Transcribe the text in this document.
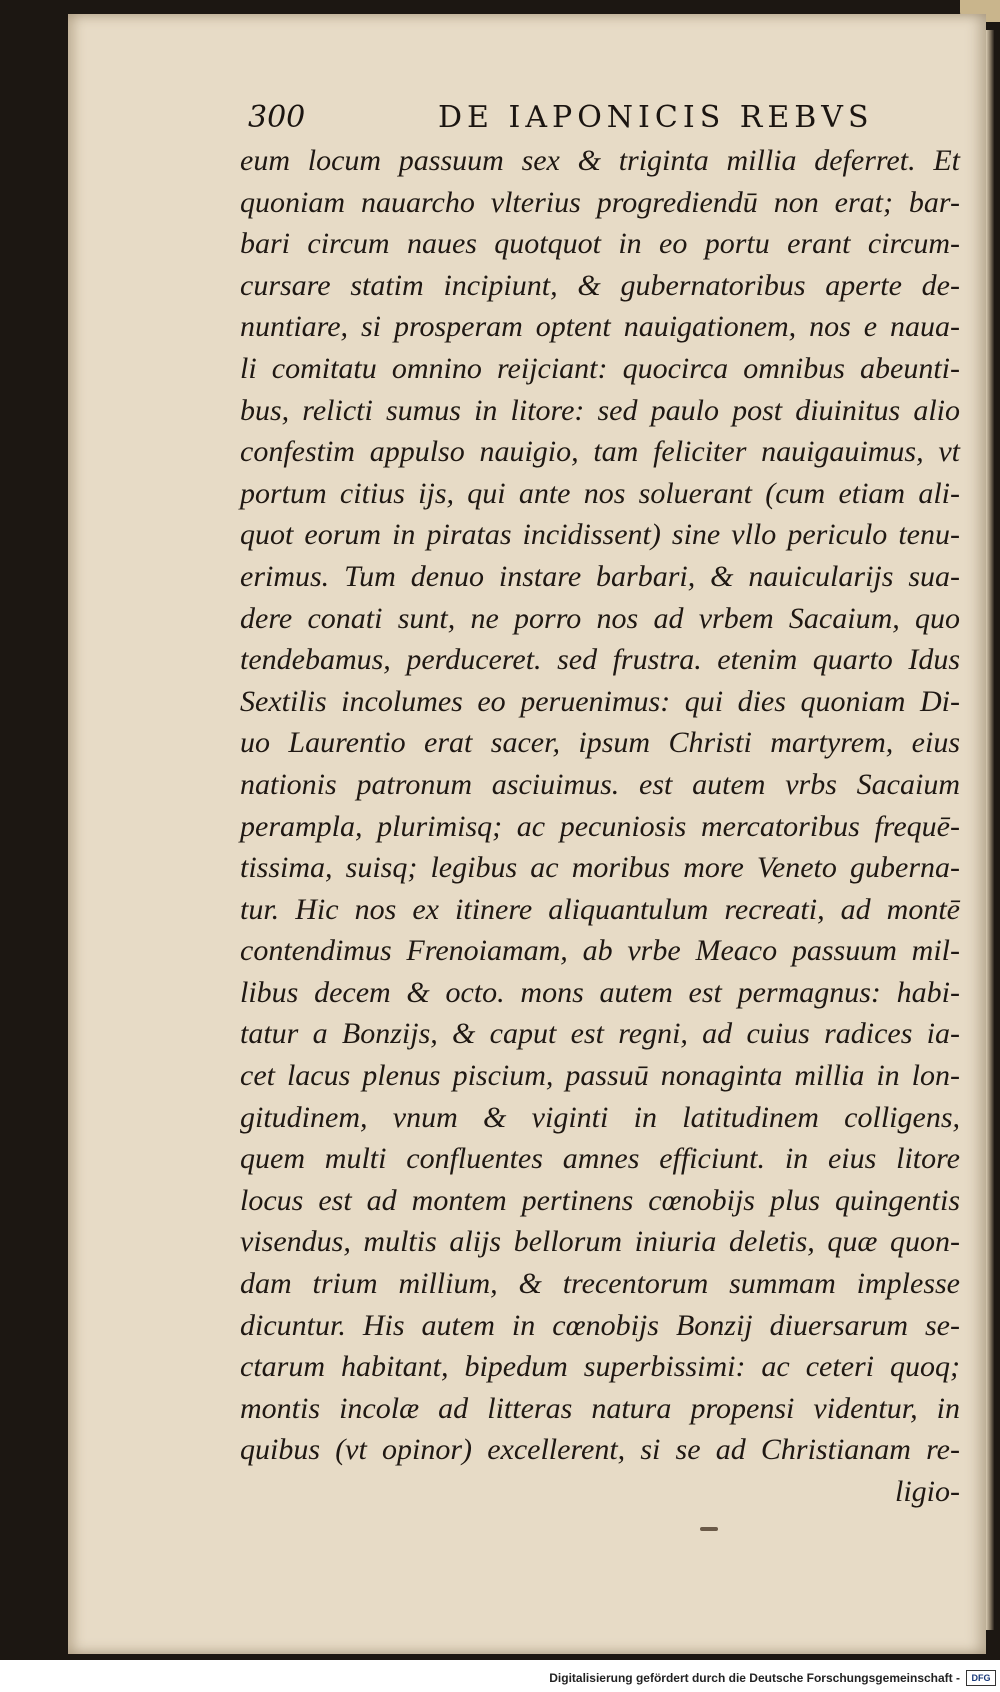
300	DE IAPONICIS REBVS
eum locum passuum sex & triginta millia deferret. Et
quoniam nauarcho vlterius progrediendū non erat; bar-
bari circum naues quotquot in eo portu erant circum-
cursare statim incipiunt, & gubernatoribus aperte de-
nuntiare, si prosperam optent nauigationem, nos e naua-
li comitatu omnino reijciant: quocirca omnibus abeunti-
bus, relicti sumus in litore: sed paulo post diuinitus alio
confestim appulso nauigio, tam feliciter nauigauimus, vt
portum citius ijs, qui ante nos soluerant (cum etiam ali-
quot eorum in piratas incidissent) sine vllo periculo tenu-
erimus. Tum denuo instare barbari, & nauicularijs sua-
dere conati sunt, ne porro nos ad vrbem Sacaium, quo
tendebamus, perduceret. sed frustra. etenim quarto Idus
Sextilis incolumes eo peruenimus: qui dies quoniam Di-
uo Laurentio erat sacer, ipsum Christi martyrem, eius
nationis patronum asciuimus. est autem vrbs Sacaium
perampla, plurimisq; ac pecuniosis mercatoribus frequē-
tissima, suisq; legibus ac moribus more Veneto guberna-
tur. Hic nos ex itinere aliquantulum recreati, ad montē
contendimus Frenoiamam, ab vrbe Meaco passuum mil-
libus decem & octo. mons autem est permagnus: habi-
tatur a Bonzijs, & caput est regni, ad cuius radices ia-
cet lacus plenus piscium, passuū nonaginta millia in lon-
gitudinem, vnum & viginti in latitudinem colligens,
quem multi confluentes amnes efficiunt. in eius litore
locus est ad montem pertinens cœnobijs plus quingentis
visendus, multis alijs bellorum iniuria deletis, quæ quon-
dam trium millium, & trecentorum summam implesse
dicuntur. His autem in cœnobijs Bonzij diuersarum se-
ctarum habitant, bipedum superbissimi: ac ceteri quoq;
montis incolæ ad litteras natura propensi videntur, in
quibus (vt opinor) excellerent, si se ad Christianam re-
ligio-
Digitalisierung gefördert durch die Deutsche Forschungsgemeinschaft -	DFG
